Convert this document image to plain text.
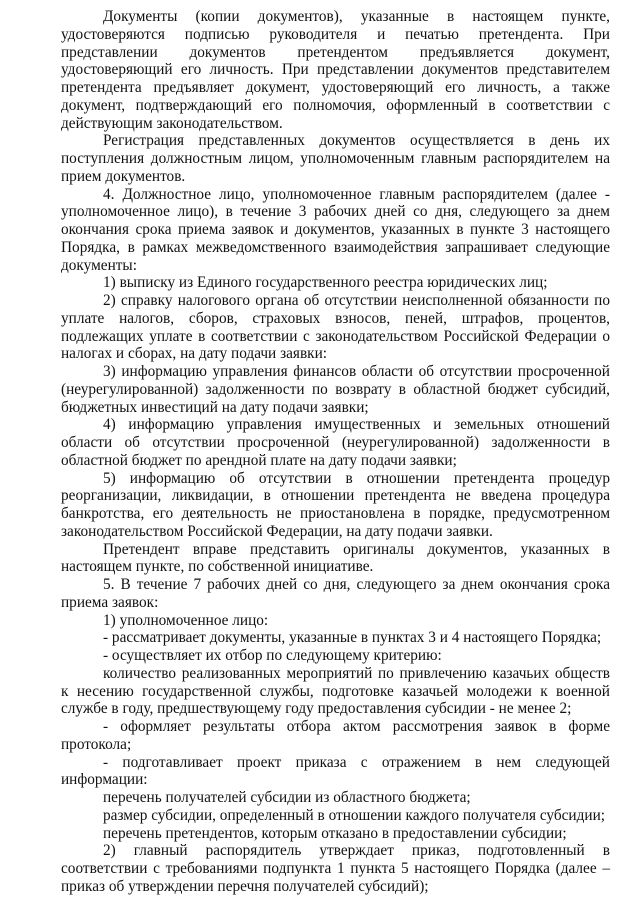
Документы (копии документов), указанные в настоящем пункте, удостоверяются подписью руководителя и печатью претендента. При представлении документов претендентом предъявляется документ, удостоверяющий его личность. При представлении документов представителем претендента предъявляет документ, удостоверяющий его личность, а также документ, подтверждающий его полномочия, оформленный в соответствии с действующим законодательством.

Регистрация представленных документов осуществляется в день их поступления должностным лицом, уполномоченным главным распорядителем на прием документов.

4. Должностное лицо, уполномоченное главным распорядителем (далее - уполномоченное лицо), в течение 3 рабочих дней со дня, следующего за днем окончания срока приема заявок и документов, указанных в пункте 3 настоящего Порядка, в рамках межведомственного взаимодействия запрашивает следующие документы:

1) выписку из Единого государственного реестра юридических лиц;

2) справку налогового органа об отсутствии неисполненной обязанности по уплате налогов, сборов, страховых взносов, пеней, штрафов, процентов, подлежащих уплате в соответствии с законодательством Российской Федерации о налогах и сборах, на дату подачи заявки:

3) информацию управления финансов области об отсутствии просроченной (неурегулированной) задолженности по возврату в областной бюджет субсидий, бюджетных инвестиций на дату подачи заявки;

4) информацию управления имущественных и земельных отношений области об отсутствии просроченной (неурегулированной) задолженности в областной бюджет по арендной плате на дату подачи заявки;

5) информацию об отсутствии в отношении претендента процедур реорганизации, ликвидации, в отношении претендента не введена процедура банкротства, его деятельность не приостановлена в порядке, предусмотренном законодательством Российской Федерации, на дату подачи заявки.

Претендент вправе представить оригиналы документов, указанных в настоящем пункте, по собственной инициативе.

5. В течение 7 рабочих дней со дня, следующего за днем окончания срока приема заявок:

1) уполномоченное лицо:

- рассматривает документы, указанные в пунктах 3 и 4 настоящего Порядка;

- осуществляет их отбор по следующему критерию:

количество реализованных мероприятий по привлечению казачьих обществ к несению государственной службы, подготовке казачьей молодежи к военной службе в году, предшествующему году предоставления субсидии - не менее 2;

- оформляет результаты отбора актом рассмотрения заявок в форме протокола;

- подготавливает проект приказа с отражением в нем следующей информации:

перечень получателей субсидии из областного бюджета;

размер субсидии, определенный в отношении каждого получателя субсидии;

перечень претендентов, которым отказано в предоставлении субсидии;

2) главный распорядитель утверждает приказ, подготовленный в соответствии с требованиями подпункта 1 пункта 5 настоящего Порядка (далее – приказ об утверждении перечня получателей субсидий);
